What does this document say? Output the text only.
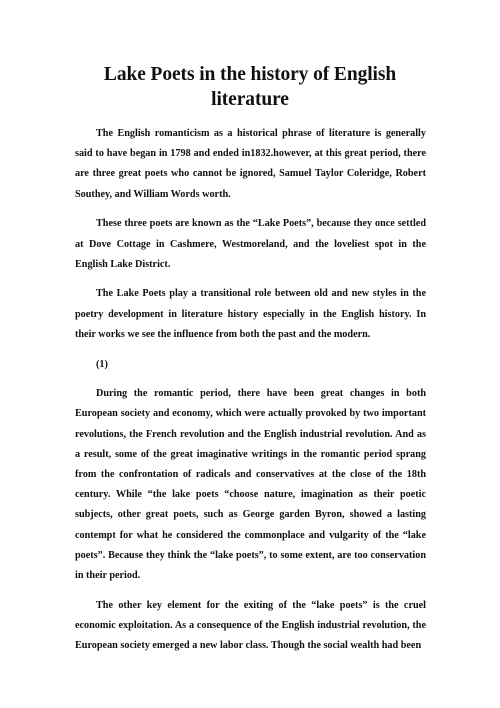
Lake Poets in the history of English literature

The English romanticism as a historical phrase of literature is generally said to have began in 1798 and ended in1832.however, at this great period, there are three great poets who cannot be ignored, Samuel Taylor Coleridge, Robert Southey, and William Words worth.

These three poets are known as the “Lake Poets”, because they once settled at Dove Cottage in Cashmere, Westmoreland, and the loveliest spot in the English Lake District.

The Lake Poets play a transitional role between old and new styles in the poetry development in literature history especially in the English history. In their works we see the influence from both the past and the modern.

(1)

During the romantic period, there have been great changes in both European society and economy, which were actually provoked by two important revolutions, the French revolution and the English industrial revolution. And as a result, some of the great imaginative writings in the romantic period sprang from the confrontation of radicals and conservatives at the close of the 18th century. While “the lake poets “choose nature, imagination as their poetic subjects, other great poets, such as George garden Byron, showed a lasting contempt for what he considered the commonplace and vulgarity of the “lake poets”. Because they think the “lake poets”, to some extent, are too conservation in their period.

The other key element for the exiting of the “lake poets” is the cruel economic exploitation. As a consequence of the English industrial revolution, the European society emerged a new labor class. Though the social wealth had been
